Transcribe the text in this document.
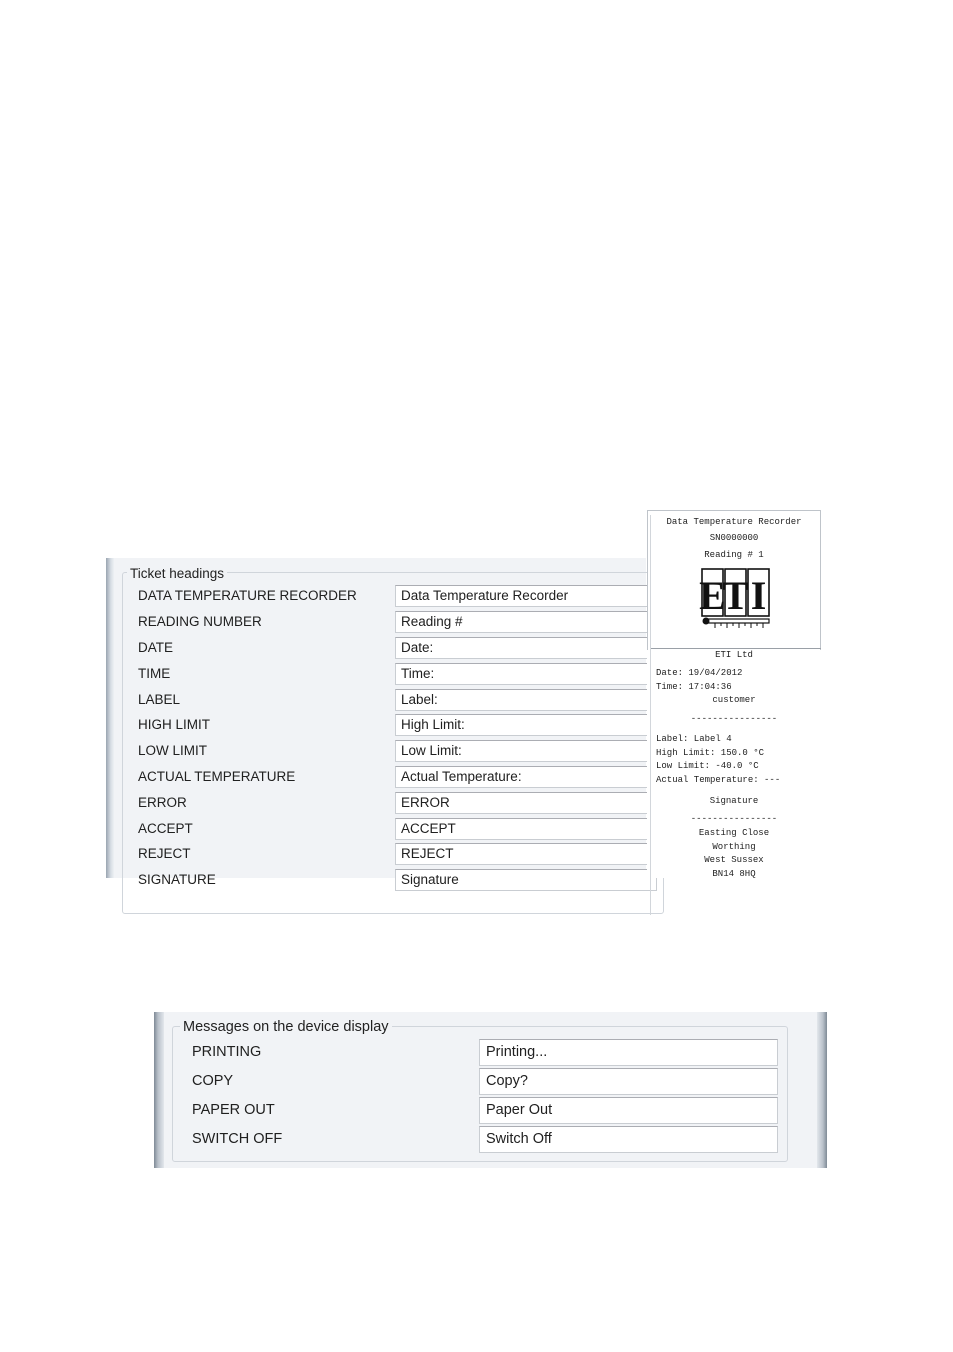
Ticket headings
DATA TEMPERATURE RECORDER	Data Temperature Recorder
READING NUMBER	Reading #
DATE	Date:
TIME	Time:
LABEL	Label:
HIGH LIMIT	High Limit:
LOW LIMIT	Low Limit:
ACTUAL TEMPERATURE	Actual Temperature:
ERROR	ERROR
ACCEPT	ACCEPT
REJECT	REJECT
SIGNATURE	Signature
Data Temperature Recorder
SN0000000
Reading # 1
E
T I
ETI Ltd
Date: 19/04/2012
Time: 17:04:36
customer
----------------
Label: Label 4
High Limit: 150.0 °C
Low Limit: -40.0 °C
Actual Temperature: ---
Signature
----------------
Easting Close
Worthing
West Sussex
BN14 8HQ
Messages on the device display
PRINTING	Printing...
COPY	Copy?
PAPER OUT	Paper Out
SWITCH OFF	Switch Off
